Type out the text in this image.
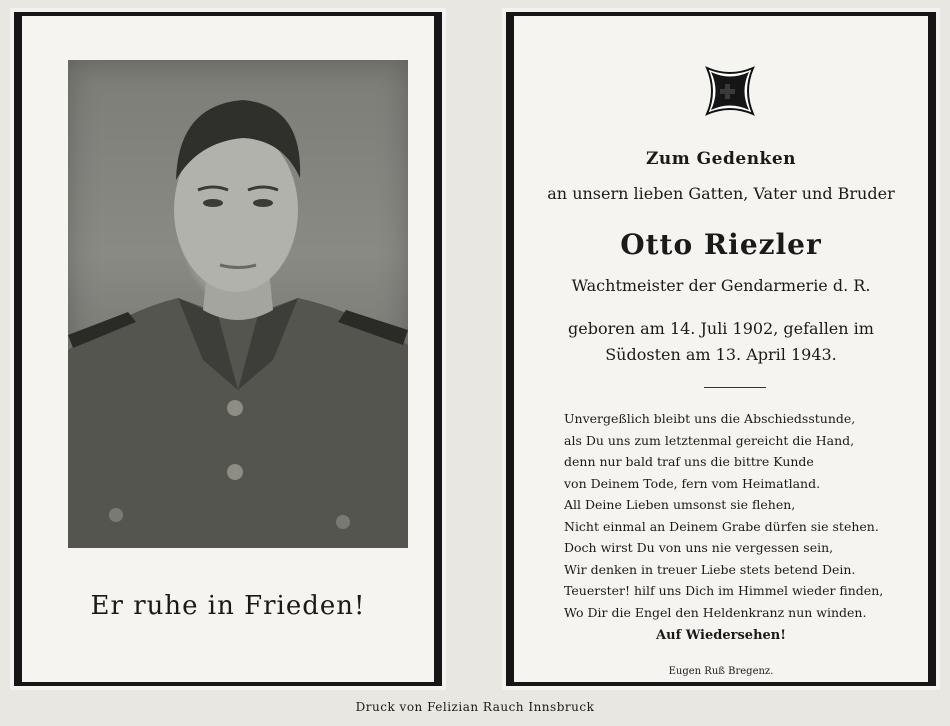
Er ruhe in Frieden!
Zum Gedenken
an unsern lieben Gatten, Vater und Bruder
Otto Riezler
Wachtmeister der Gendarmerie d. R.
geboren am 14. Juli 1902, gefallen im
Südosten am 13. April 1943.
Unvergeßlich bleibt uns die Abschiedsstunde,
als Du uns zum letztenmal gereicht die Hand,
denn nur bald traf uns die bittre Kunde
von Deinem Tode, fern vom Heimatland.
All Deine Lieben umsonst sie flehen,
Nicht einmal an Deinem Grabe dürfen sie stehen.
Doch wirst Du von uns nie vergessen sein,
Wir denken in treuer Liebe stets betend Dein.
Teuerster! hilf uns Dich im Himmel wieder finden,
Wo Dir die Engel den Heldenkranz nun winden.
Auf Wiedersehen!
Eugen Ruß Bregenz.
Druck von Felizian Rauch Innsbruck
